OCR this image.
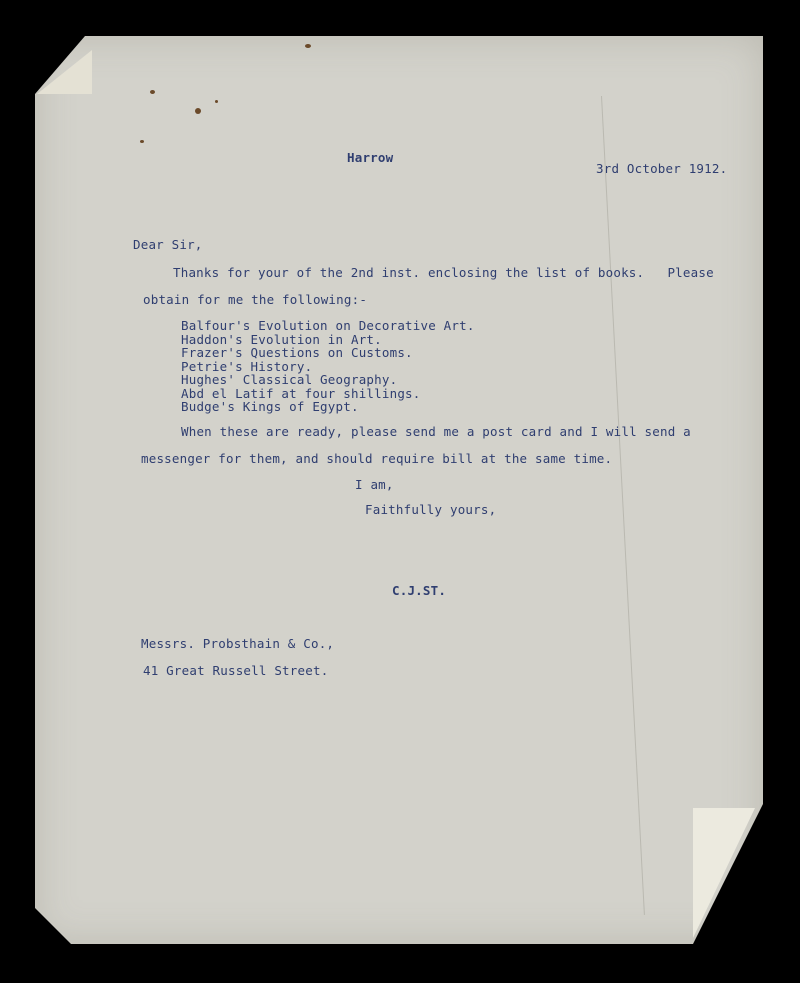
Harrow

3rd October 1912.

Dear Sir,

Thanks for your of the 2nd inst. enclosing the list of books.   Please

obtain for me the following:-

Balfour's Evolution on Decorative Art.

Haddon's Evolution in Art.

Frazer's Questions on Customs.

Petrie's History.

Hughes' Classical Geography.

Abd el Latif at four shillings.

Budge's Kings of Egypt.

When these are ready, please send me a post card and I will send a

messenger for them, and should require bill at the same time.

I am,

Faithfully yours,

C.J.ST.

Messrs. Probsthain & Co.,

41 Great Russell Street.
